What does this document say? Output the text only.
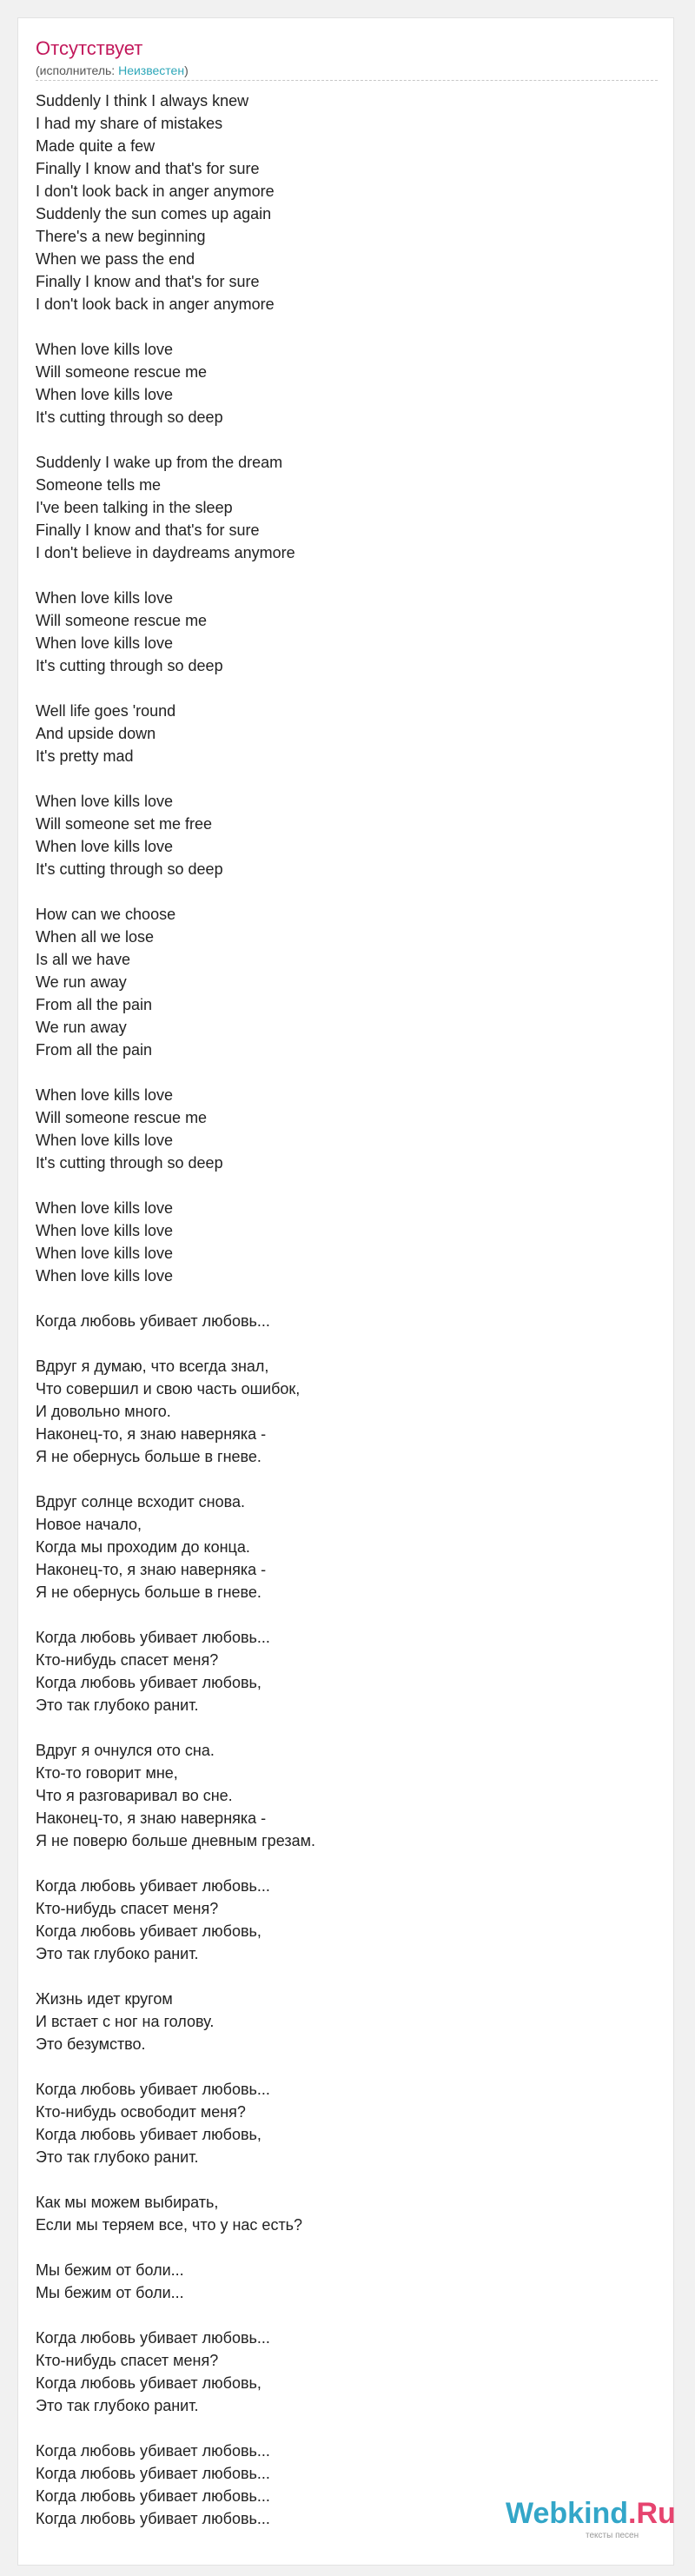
Отсутствует
(исполнитель: Неизвестен)
Suddenly I think I always knew
I had my share of mistakes
Made quite a few
Finally I know and that's for sure
I don't look back in anger anymore
Suddenly the sun comes up again
There's a new beginning
When we pass the end
Finally I know and that's for sure
I don't look back in anger anymore
When love kills love
Will someone rescue me
When love kills love
It's cutting through so deep
Suddenly I wake up from the dream
Someone tells me
I've been talking in the sleep
Finally I know and that's for sure
I don't believe in daydreams anymore
When love kills love
Will someone rescue me
When love kills love
It's cutting through so deep
Well life goes 'round
And upside down
It's pretty mad
When love kills love
Will someone set me free
When love kills love
It's cutting through so deep
How can we choose
When all we lose
Is all we have
We run away
From all the pain
We run away
From all the pain
When love kills love
Will someone rescue me
When love kills love
It's cutting through so deep
When love kills love
When love kills love
When love kills love
When love kills love
Когда любовь убивает любовь...
Вдруг я думаю, что всегда знал,
Что совершил и свою часть ошибок,
И довольно много.
Наконец-то, я знаю наверняка -
Я не обернусь больше в гневе.
Вдруг солнце всходит снова.
Новое начало,
Когда мы проходим до конца.
Наконец-то, я знаю наверняка -
Я не обернусь больше в гневе.
Когда любовь убивает любовь...
Кто-нибудь спасет меня?
Когда любовь убивает любовь,
Это так глубоко ранит.
Вдруг я очнулся ото сна.
Кто-то говорит мне,
Что я разговаривал во сне.
Наконец-то, я знаю наверняка -
Я не поверю больше дневным грезам.
Когда любовь убивает любовь...
Кто-нибудь спасет меня?
Когда любовь убивает любовь,
Это так глубоко ранит.
Жизнь идет кругом
И встает с ног на голову.
Это безумство.
Когда любовь убивает любовь...
Кто-нибудь освободит меня?
Когда любовь убивает любовь,
Это так глубоко ранит.
Как мы можем выбирать,
Если мы теряем все, что у нас есть?
Мы бежим от боли...
Мы бежим от боли...
Когда любовь убивает любовь...
Кто-нибудь спасет меня?
Когда любовь убивает любовь,
Это так глубоко ранит.
Когда любовь убивает любовь...
Когда любовь убивает любовь...
Когда любовь убивает любовь...
Когда любовь убивает любовь...	Webkind.Ru
тексты песен
